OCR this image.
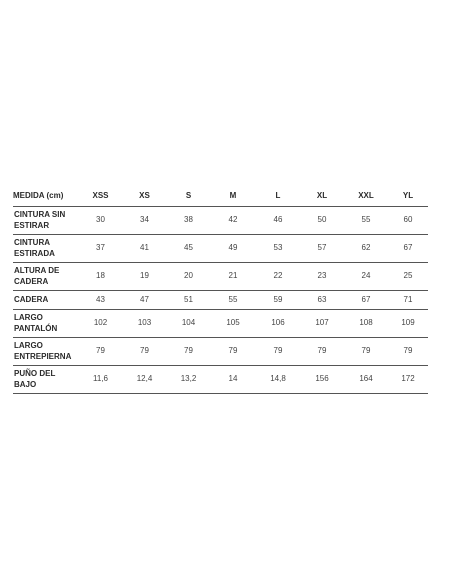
MEDIDA (cm)	XSS	XS	S	M	L	XL	XXL	YL
CINTURA SIN ESTIRAR	30	34	38	42	46	50	55	60
CINTURA ESTIRADA	37	41	45	49	53	57	62	67
ALTURA DE CADERA	18	19	20	21	22	23	24	25
CADERA	43	47	51	55	59	63	67	71
LARGO PANTALÓN	102	103	104	105	106	107	108	109
LARGO ENTREPIERNA	79	79	79	79	79	79	79	79
PUÑO DEL BAJO	11,6	12,4	13,2	14	14,8	156	164	172
